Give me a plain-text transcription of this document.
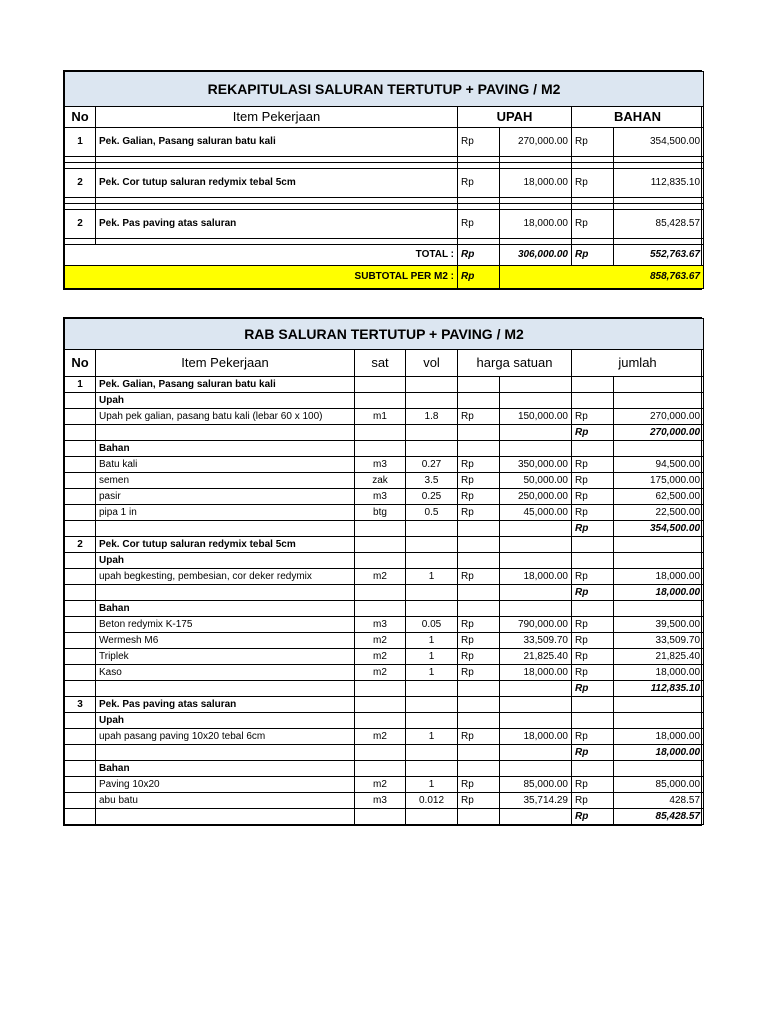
REKAPITULASI SALURAN TERTUTUP + PAVING / M2					
No	Item Pekerjaan	UPAH		BAHAN	
1	Pek. Galian, Pasang saluran batu kali	Rp	270,000.00	Rp	354,500.00

2	Pek. Cor tutup saluran redymix tebal 5cm	Rp	18,000.00	Rp	112,835.10

2	Pek. Pas paving atas saluran	Rp	18,000.00	Rp	85,428.57

TOTAL :		Rp	306,000.00	Rp	552,763.67
SUBTOTAL PER M2 :		Rp	858,763.67		
RAB SALURAN TERTUTUP + PAVING / M2							
No	Item Pekerjaan	sat	vol	harga satuan		jumlah	
1	Pek. Galian, Pasang saluran batu kali						
	Upah						
	Upah pek galian, pasang batu kali (lebar 60 x 100)	m1	1.8	Rp	150,000.00	Rp	270,000.00
						Rp	270,000.00
	Bahan						
	Batu kali	m3	0.27	Rp	350,000.00	Rp	94,500.00
	semen	zak	3.5	Rp	50,000.00	Rp	175,000.00
	pasir	m3	0.25	Rp	250,000.00	Rp	62,500.00
	pipa 1 in	btg	0.5	Rp	45,000.00	Rp	22,500.00
						Rp	354,500.00
2	Pek. Cor tutup saluran redymix tebal 5cm						
	Upah						
	upah begkesting, pembesian, cor deker redymix	m2	1	Rp	18,000.00	Rp	18,000.00
						Rp	18,000.00
	Bahan						
	Beton redymix K-175	m3	0.05	Rp	790,000.00	Rp	39,500.00
	Wermesh M6	m2	1	Rp	33,509.70	Rp	33,509.70
	Triplek	m2	1	Rp	21,825.40	Rp	21,825.40
	Kaso	m2	1	Rp	18,000.00	Rp	18,000.00
						Rp	112,835.10
3	Pek. Pas paving atas saluran						
	Upah						
	upah pasang paving 10x20 tebal 6cm	m2	1	Rp	18,000.00	Rp	18,000.00
						Rp	18,000.00
	Bahan						
	Paving 10x20	m2	1	Rp	85,000.00	Rp	85,000.00
	abu batu	m3	0.012	Rp	35,714.29	Rp	428.57
						Rp	85,428.57
